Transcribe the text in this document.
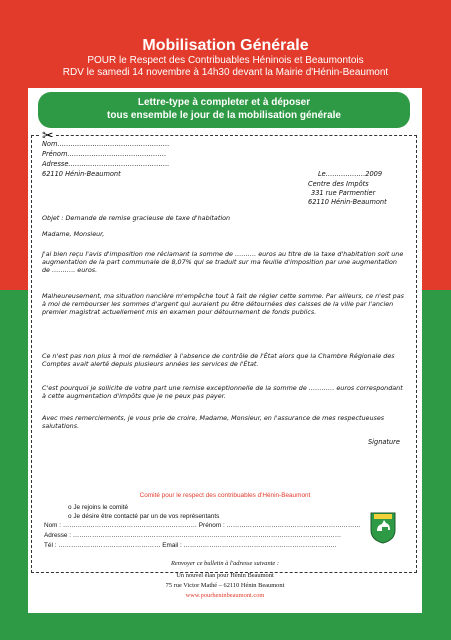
Mobilisation Générale
POUR le Respect des Contribuables Héninois et Beaumontois
RDV le samedi 14 novembre à 14h30 devant la Mairie d'Hénin-Beaumont
Lettre-type à completer et à déposer
tous ensemble le jour de la mobilisation générale
✂
Nom……………………………………………
Prénom………………………………………
Adresse……………………………………….
62110 Hénin-Beaumont	Le………………2009
Centre des Impôts
331 rue Parmentier
62110 Hénin-Beaumont
Objet : Demande de remise gracieuse de taxe d'habitation
Madame, Monsieur,
J'ai bien reçu l'avis d'imposition me réclamant la somme de ………. euros au titre de la taxe d'habitation soit une augmentation de la part communale de 8,07% qui se traduit sur ma feuille d'imposition par une augmentation de ……….. euros.
Malheureusement, ma situation nancière m'empêche tout à fait de régler cette somme. Par ailleurs, ce n'est pas à moi de rembourser les sommes d'argent qui auraient pu être détournées des caisses de la ville par l'ancien premier magistrat actuellement mis en examen pour détournement de fonds publics.
Ce n'est pas non plus à moi de remédier à l'absence de contrôle de l'État alors que la Chambre Régionale des Comptes avait alerté depuis plusieurs années les services de l'État.
C'est pourquoi je sollicite de votre part une remise exceptionnelle de la somme de ………… euros correspondant à cette augmentation d'impôts que je ne peux pas payer.
Avec mes remerciements, je vous prie de croire, Madame, Monsieur, en l'assurance de mes respectueuses salutations.
Signature
Comité pour le respect des contribuables d'Hénin-Beaumont
o Je rejoins le comité
o Je désire être contacté par un de vos représentants
Nom : ……………………………………………………… Prénom : ………………………………………………………
Adresse : ………………………………………………………………………………………………………………
Tél : ………………………………………… Email : ………………………………………………………………
Renvoyer ce bulletin à l'adresse suivante :
Un nouvel élan pour Hénin Beaumont
75 rue Victor Mathé – 62110 Hénin Beaumont
www.pourheninbeaumont.com
